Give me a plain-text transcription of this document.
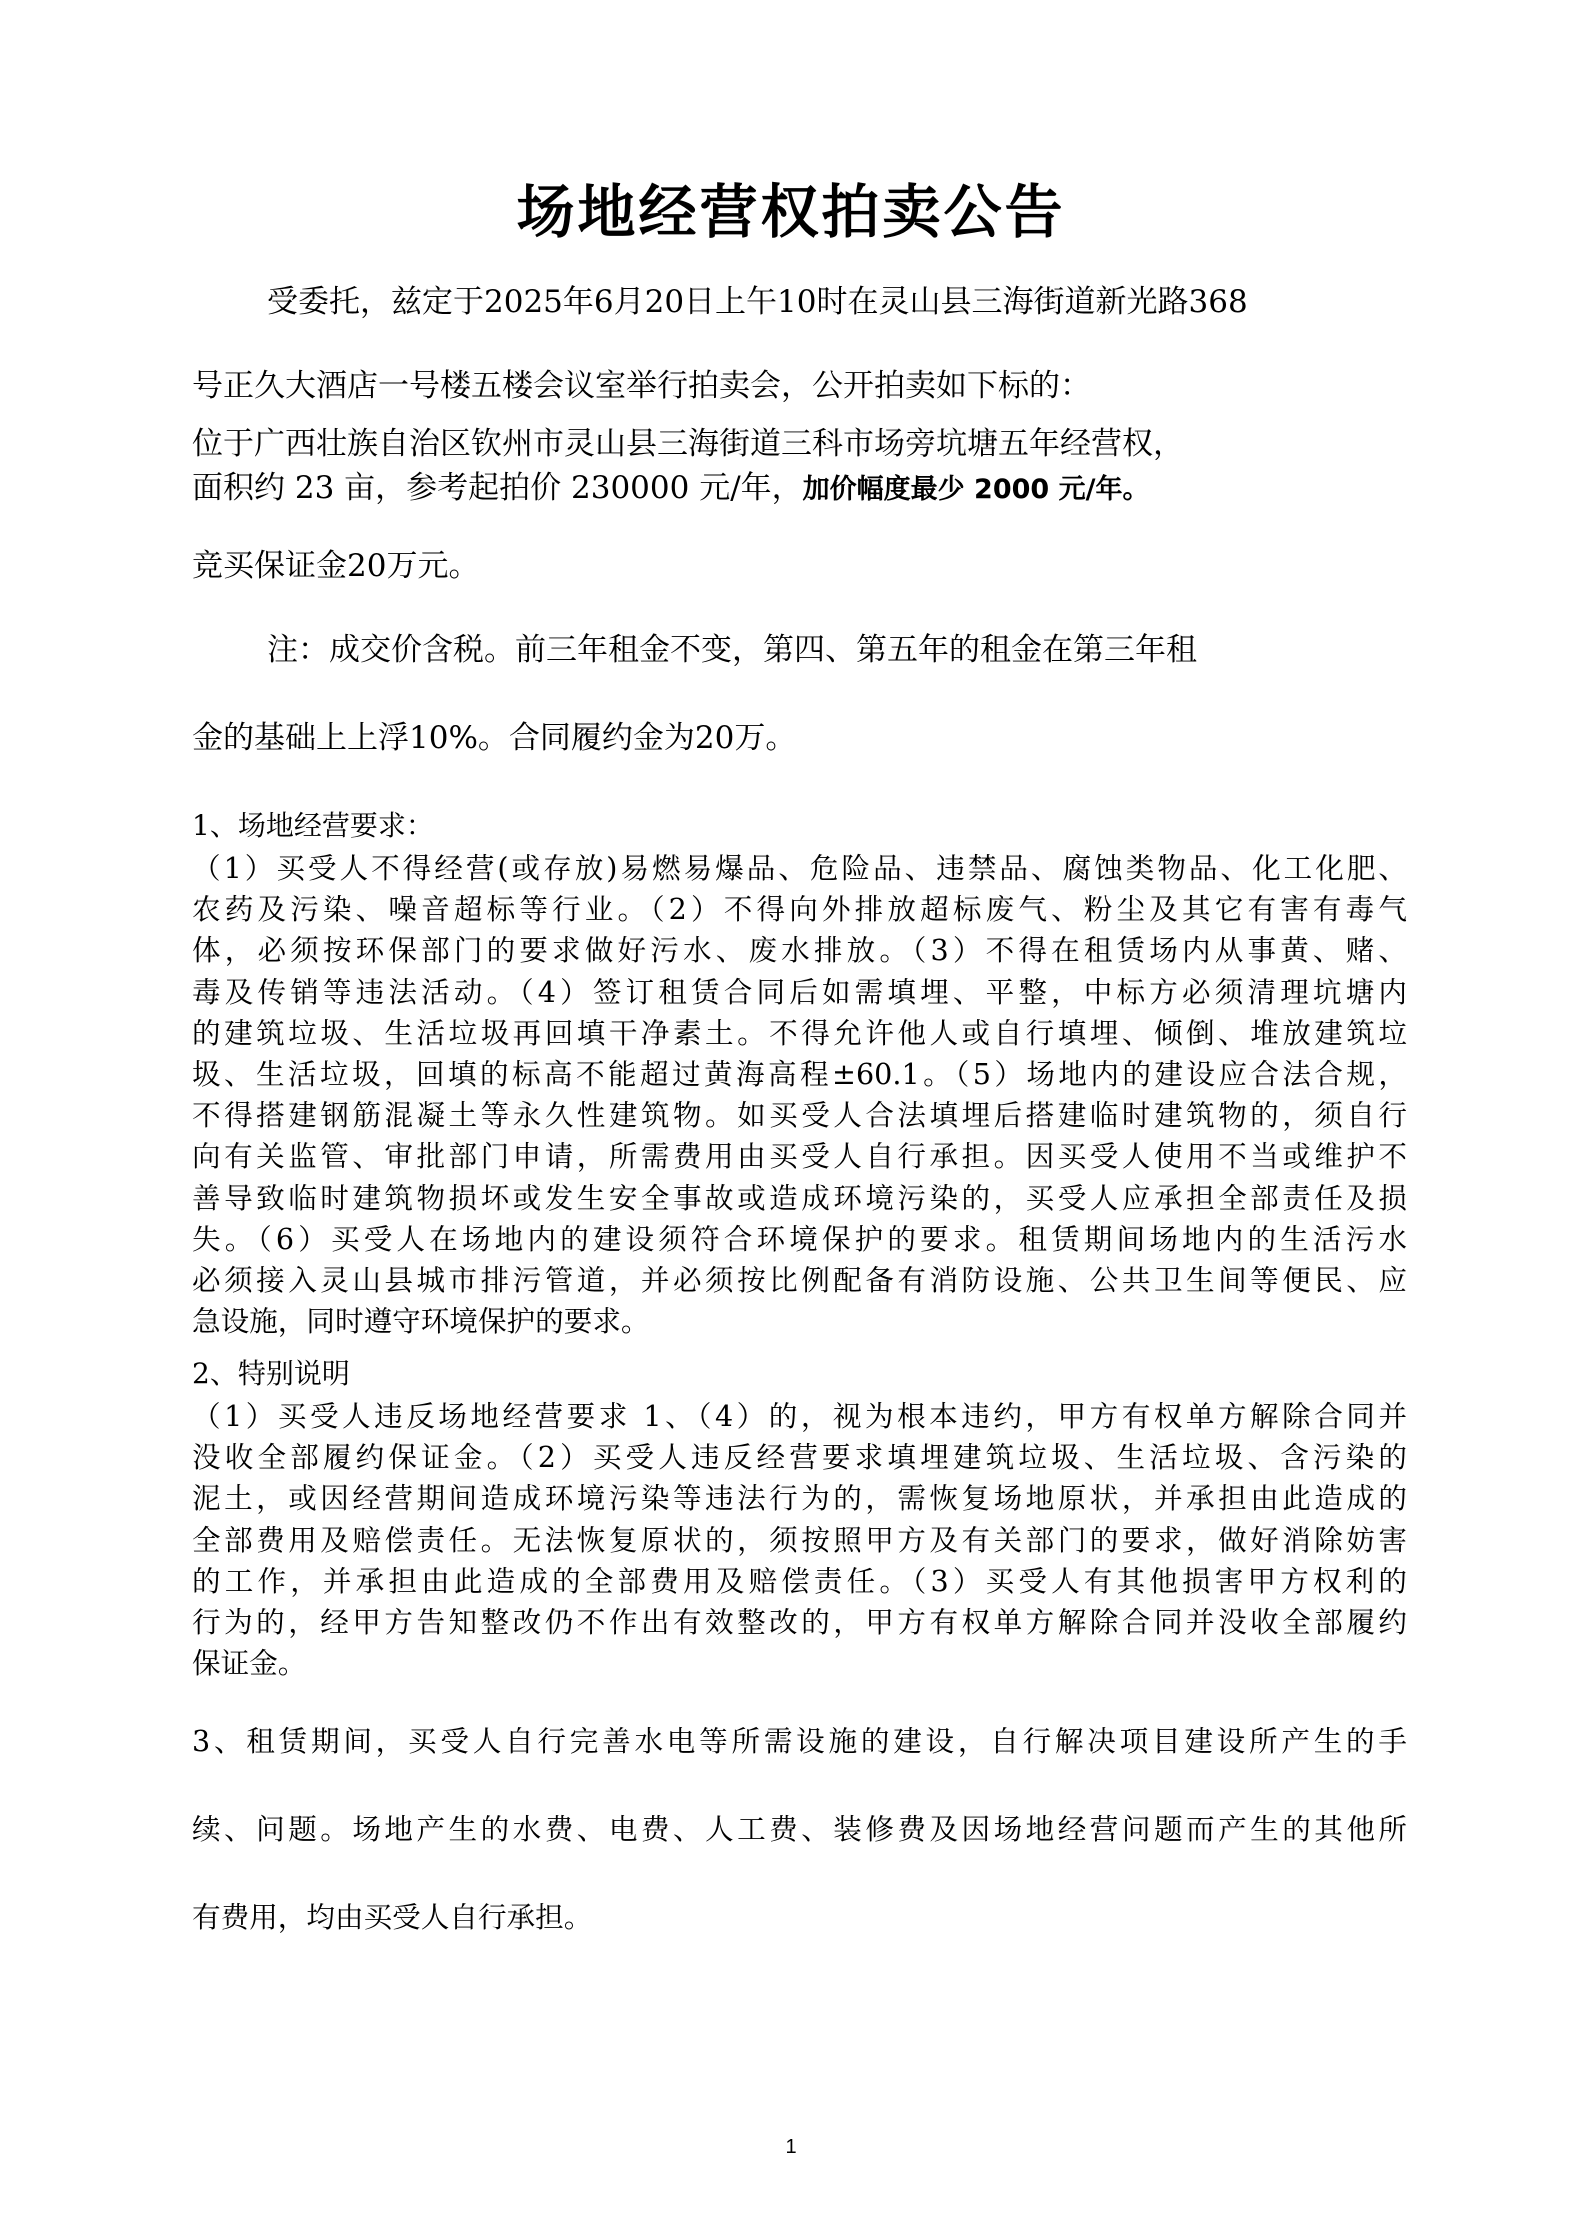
场地经营权拍卖公告
受委托，兹定于2025年6月20日上午10时在灵山县三海街道新光路368
号正久大酒店一号楼五楼会议室举行拍卖会，公开拍卖如下标的：
位于广西壮族自治区钦州市灵山县三海街道三科市场旁坑塘五年经营权，
面积约 23 亩，参考起拍价 230000 元/年，加价幅度最少 2000 元/年。
竞买保证金20万元。
注：成交价含税。前三年租金不变，第四、第五年的租金在第三年租
金的基础上上浮10%。合同履约金为20万。
1、场地经营要求：
（1）买受人不得经营(或存放)易燃易爆品、危险品、违禁品、腐蚀类物品、化工化肥、
农药及污染、噪音超标等行业。（2）不得向外排放超标废气、粉尘及其它有害有毒气
体，必须按环保部门的要求做好污水、废水排放。（3）不得在租赁场内从事黄、赌、
毒及传销等违法活动。（4）签订租赁合同后如需填埋、平整，中标方必须清理坑塘内
的建筑垃圾、生活垃圾再回填干净素土。不得允许他人或自行填埋、倾倒、堆放建筑垃
圾、生活垃圾，回填的标高不能超过黄海高程±60.1。（5）场地内的建设应合法合规，
不得搭建钢筋混凝土等永久性建筑物。如买受人合法填埋后搭建临时建筑物的，须自行
向有关监管、审批部门申请，所需费用由买受人自行承担。因买受人使用不当或维护不
善导致临时建筑物损坏或发生安全事故或造成环境污染的，买受人应承担全部责任及损
失。（6）买受人在场地内的建设须符合环境保护的要求。租赁期间场地内的生活污水
必须接入灵山县城市排污管道，并必须按比例配备有消防设施、公共卫生间等便民、应
急设施，同时遵守环境保护的要求。
2、特别说明
（1）买受人违反场地经营要求 1、（4）的，视为根本违约，甲方有权单方解除合同并
没收全部履约保证金。（2）买受人违反经营要求填埋建筑垃圾、生活垃圾、含污染的
泥土，或因经营期间造成环境污染等违法行为的，需恢复场地原状，并承担由此造成的
全部费用及赔偿责任。无法恢复原状的，须按照甲方及有关部门的要求，做好消除妨害
的工作，并承担由此造成的全部费用及赔偿责任。（3）买受人有其他损害甲方权利的
行为的，经甲方告知整改仍不作出有效整改的，甲方有权单方解除合同并没收全部履约
保证金。
3、租赁期间，买受人自行完善水电等所需设施的建设，自行解决项目建设所产生的手
续、问题。场地产生的水费、电费、人工费、装修费及因场地经营问题而产生的其他所
有费用，均由买受人自行承担。
1
